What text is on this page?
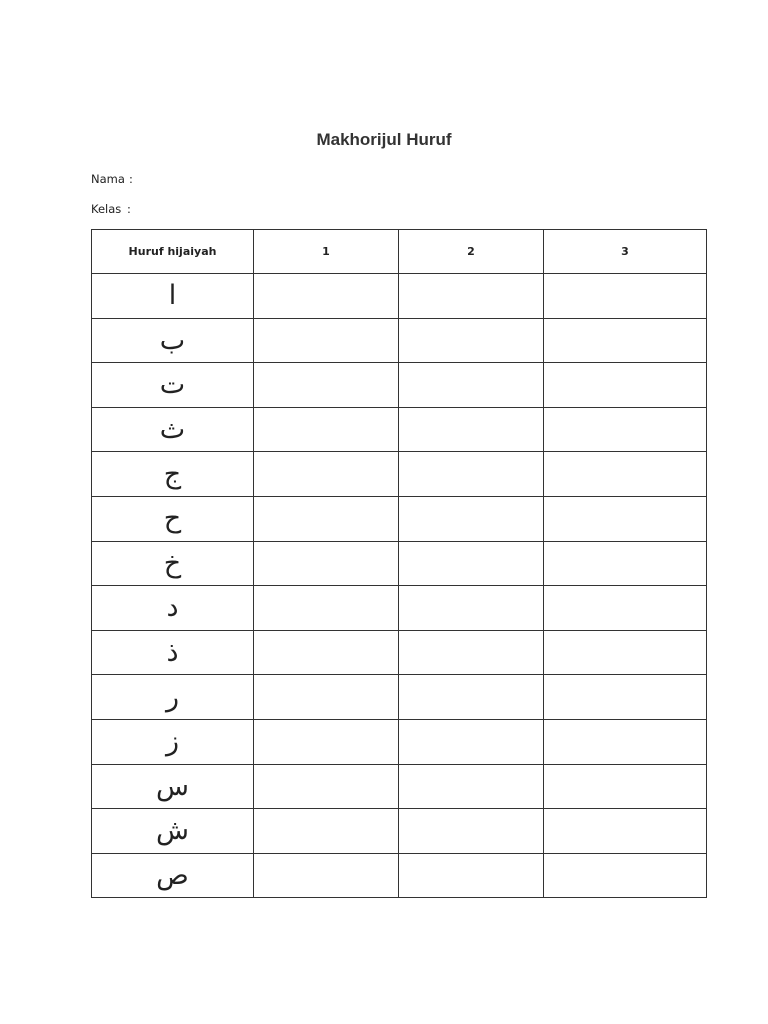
Makhorijul Huruf
Nama :
Kelas :
Huruf hijaiyah	1	2	3
ا			
ب			
ت			
ث			
ج			
ح			
خ			
د			
ذ			
ر			
ز			
س			
ش			
ص			
